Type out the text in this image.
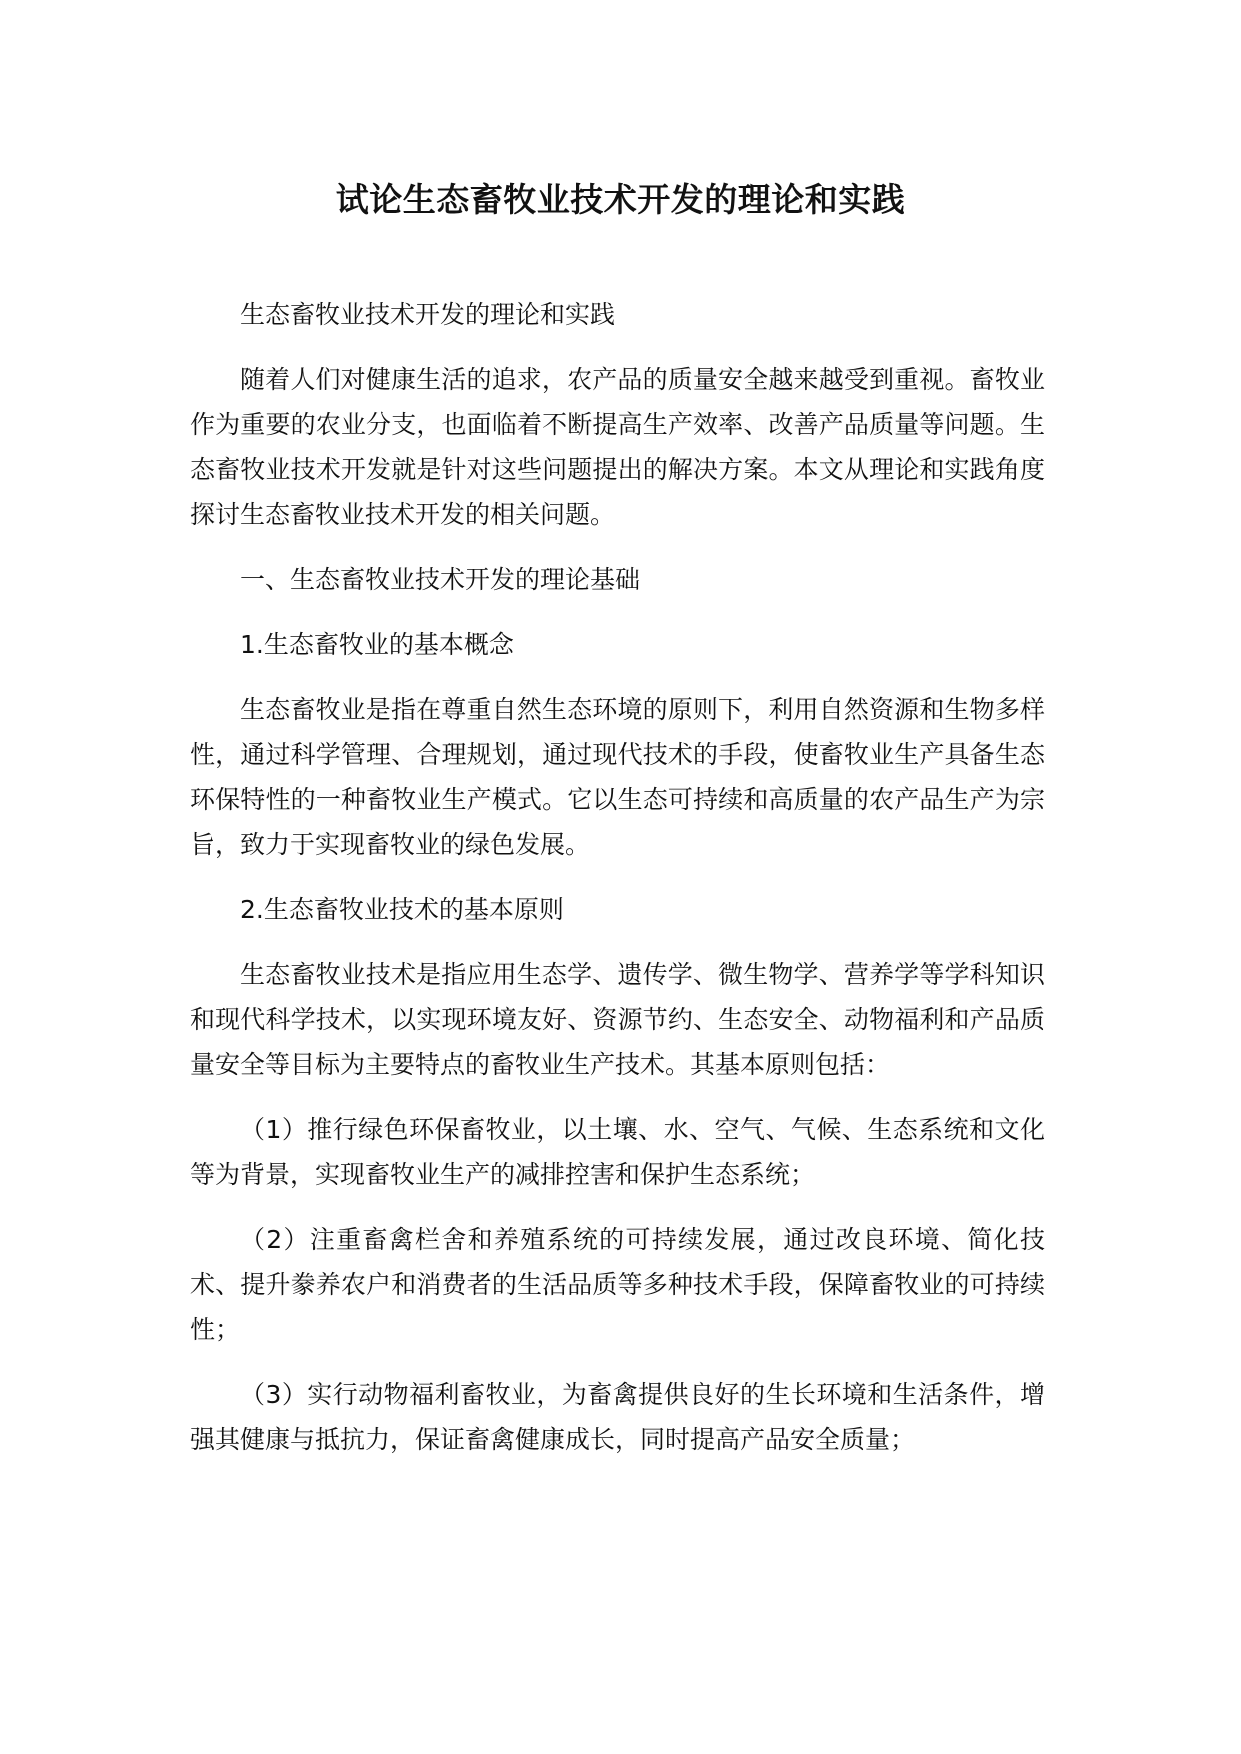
试论生态畜牧业技术开发的理论和实践

生态畜牧业技术开发的理论和实践

随着人们对健康生活的追求，农产品的质量安全越来越受到重视。畜牧业作为重要的农业分支，也面临着不断提高生产效率、改善产品质量等问题。生态畜牧业技术开发就是针对这些问题提出的解决方案。本文从理论和实践角度探讨生态畜牧业技术开发的相关问题。

一、生态畜牧业技术开发的理论基础

1.生态畜牧业的基本概念

生态畜牧业是指在尊重自然生态环境的原则下，利用自然资源和生物多样性，通过科学管理、合理规划，通过现代技术的手段，使畜牧业生产具备生态环保特性的一种畜牧业生产模式。它以生态可持续和高质量的农产品生产为宗旨，致力于实现畜牧业的绿色发展。

2.生态畜牧业技术的基本原则

生态畜牧业技术是指应用生态学、遗传学、微生物学、营养学等学科知识和现代科学技术，以实现环境友好、资源节约、生态安全、动物福利和产品质量安全等目标为主要特点的畜牧业生产技术。其基本原则包括：

（1）推行绿色环保畜牧业，以土壤、水、空气、气候、生态系统和文化等为背景，实现畜牧业生产的减排控害和保护生态系统；

（2）注重畜禽栏舍和养殖系统的可持续发展，通过改良环境、简化技术、提升豢养农户和消费者的生活品质等多种技术手段，保障畜牧业的可持续性；

（3）实行动物福利畜牧业，为畜禽提供良好的生长环境和生活条件，增强其健康与抵抗力，保证畜禽健康成长，同时提高产品安全质量；
